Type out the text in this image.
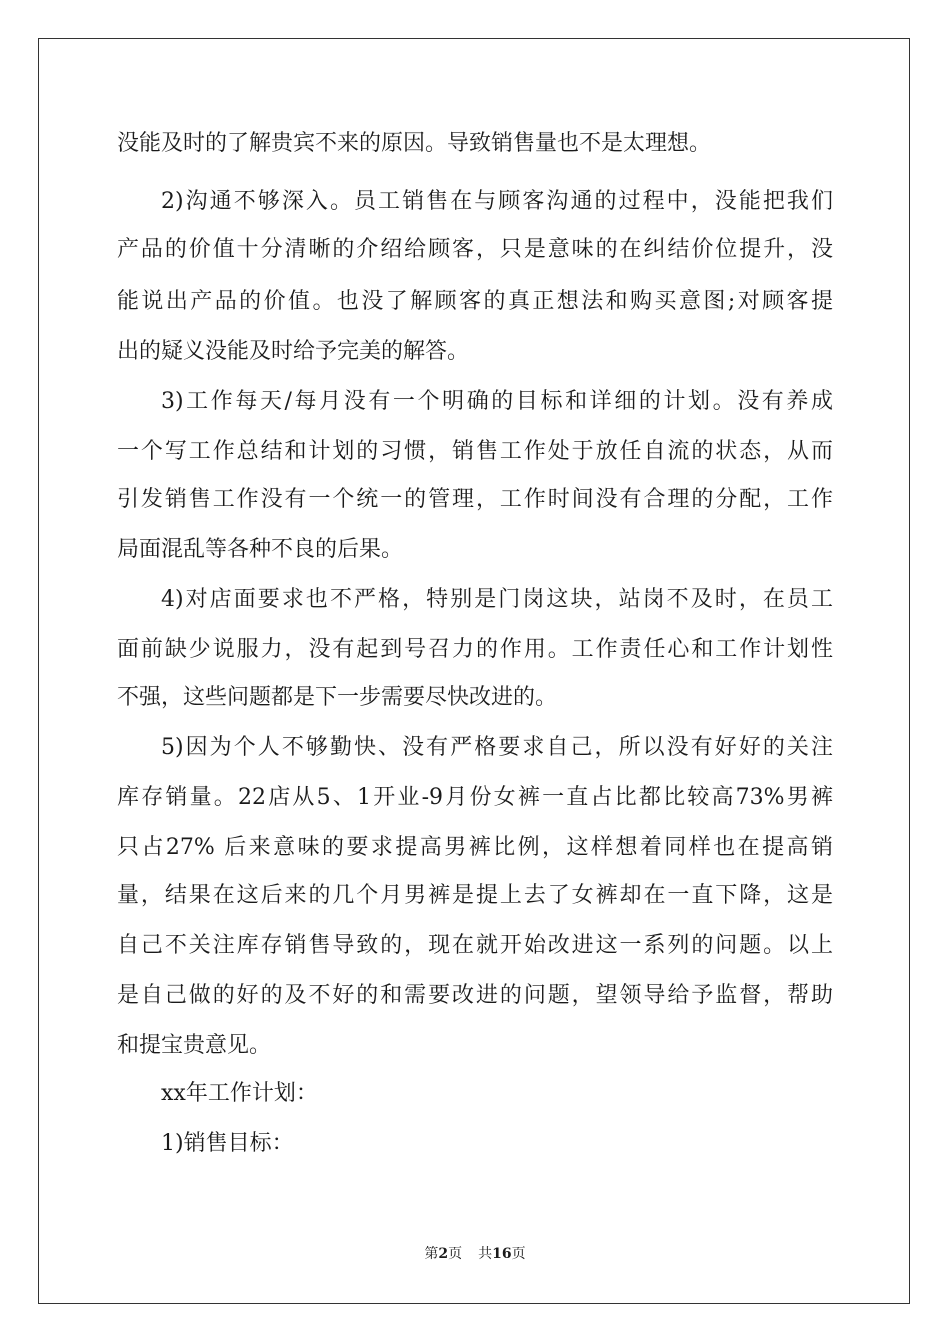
没能及时的了解贵宾不来的原因。导致销售量也不是太理想。
2)沟通不够深入。员工销售在与顾客沟通的过程中，没能把我们
产品的价值十分清晰的介绍给顾客，只是意味的在纠结价位提升，没
能说出产品的价值。也没了解顾客的真正想法和购买意图;对顾客提
出的疑义没能及时给予完美的解答。
3)工作每天/每月没有一个明确的目标和详细的计划。没有养成
一个写工作总结和计划的习惯，销售工作处于放任自流的状态，从而
引发销售工作没有一个统一的管理，工作时间没有合理的分配，工作
局面混乱等各种不良的后果。
4)对店面要求也不严格，特别是门岗这块，站岗不及时，在员工
面前缺少说服力，没有起到号召力的作用。工作责任心和工作计划性
不强，这些问题都是下一步需要尽快改进的。
5)因为个人不够勤快、没有严格要求自己，所以没有好好的关注
库存销量。22店从5、1开业-9月份女裤一直占比都比较高73%男裤
只占27% 后来意味的要求提高男裤比例，这样想着同样也在提高销
量，结果在这后来的几个月男裤是提上去了女裤却在一直下降，这是
自己不关注库存销售导致的，现在就开始改进这一系列的问题。以上
是自己做的好的及不好的和需要改进的问题，望领导给予监督，帮助
和提宝贵意见。
xx年工作计划：
1)销售目标：
第2页 共16页
